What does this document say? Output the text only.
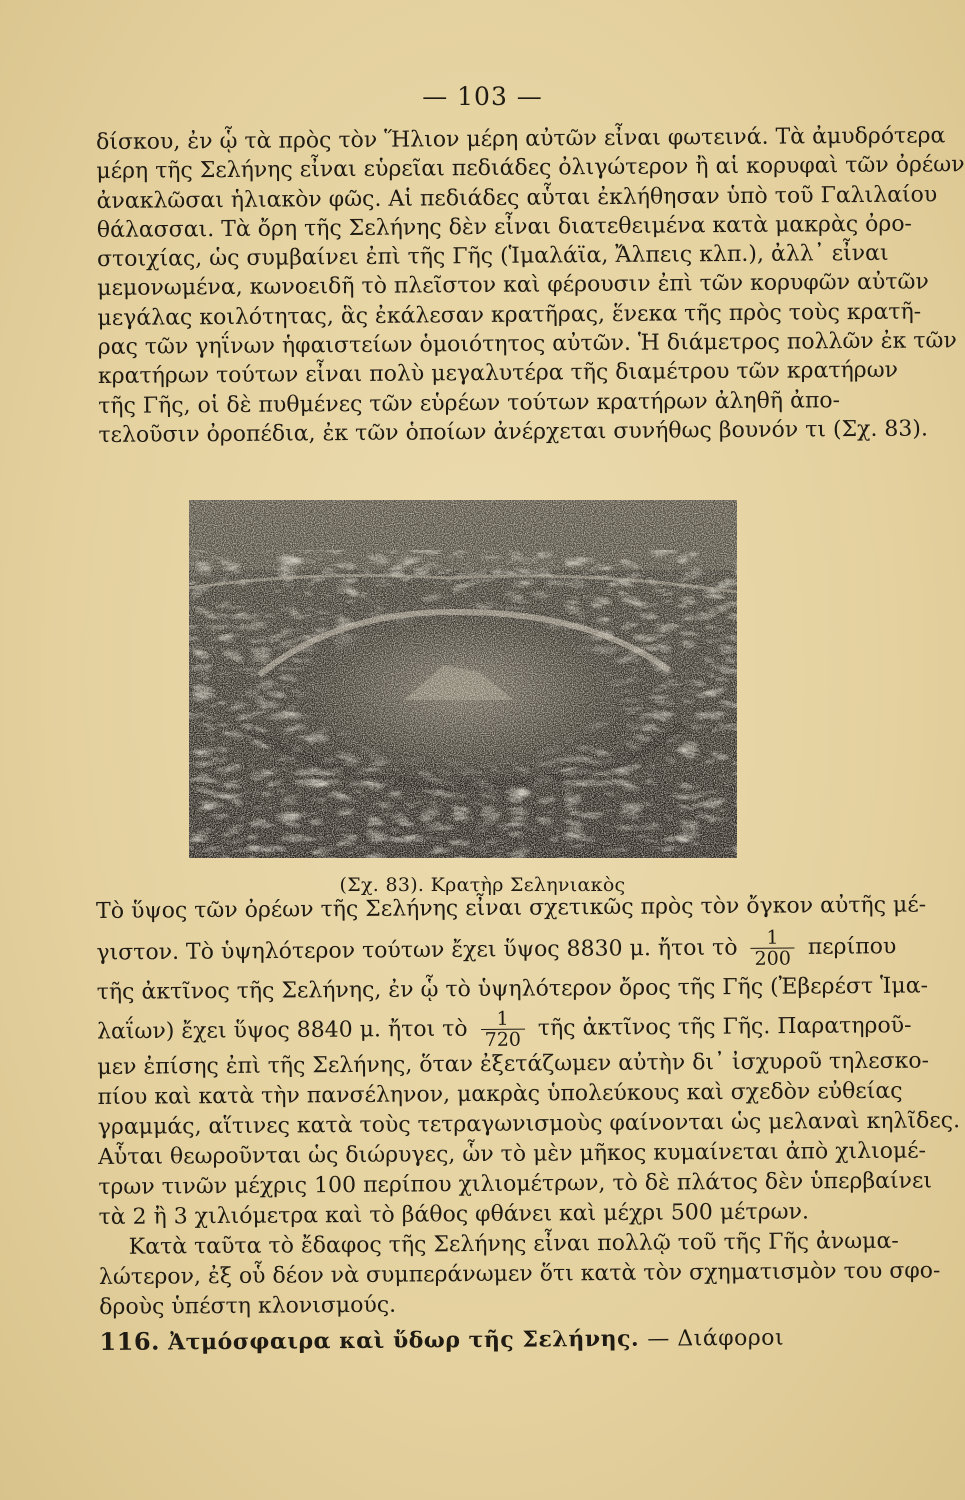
— 103 —
δίσκου, ἐν ᾧ τὰ πρὸς τὸν Ἥλιον μέρη αὐτῶν εἶναι φωτεινά. Τὰ ἀμυδρότερα
μέρη τῆς Σελήνης εἶναι εὑρεῖαι πεδιάδες ὀλιγώτερον ἢ αἱ κορυφαὶ τῶν ὀρέων
ἀνακλῶσαι ἡλιακὸν φῶς. Αἱ πεδιάδες αὗται ἐκλήθησαν ὑπὸ τοῦ Γαλιλαίου
θάλασσαι. Τὰ ὄρη τῆς Σελήνης δὲν εἶναι διατεθειμένα κατὰ μακρὰς ὀρο-
στοιχίας, ὡς συμβαίνει ἐπὶ τῆς Γῆς (Ἱμαλάϊα, Ἄλπεις κλπ.), ἀλλ᾽ εἶναι
μεμονωμένα, κωνοειδῆ τὸ πλεῖστον καὶ φέρουσιν ἐπὶ τῶν κορυφῶν αὐτῶν
μεγάλας κοιλότητας, ἃς ἐκάλεσαν κρατῆρας, ἕνεκα τῆς πρὸς τοὺς κρατῆ-
ρας τῶν γηΐνων ἡφαιστείων ὁμοιότητος αὐτῶν. Ἡ διάμετρος πολλῶν ἐκ τῶν
κρατήρων τούτων εἶναι πολὺ μεγαλυτέρα τῆς διαμέτρου τῶν κρατήρων
τῆς Γῆς, οἱ δὲ πυθμένες τῶν εὑρέων τούτων κρατήρων ἀληθῆ ἀπο-
τελοῦσιν ὀροπέδια, ἐκ τῶν ὁποίων ἀνέρχεται συνήθως βουνόν τι (Σχ. 83).
(Σχ. 83). Κρατὴρ Σεληνιακὸς
Τὸ ὕψος τῶν ὀρέων τῆς Σελήνης εἶναι σχετικῶς πρὸς τὸν ὄγκον αὐτῆς μέ-
γιστον. Τὸ ὑψηλότερον τούτων ἔχει ὕψος 8830 μ. ἤτοι τὸ $\frac{1}{200}$ περίπου
τῆς ἀκτῖνος τῆς Σελήνης, ἐν ᾧ τὸ ὑψηλότερον ὄρος τῆς Γῆς (Ἐβερέστ Ἱμα-
λαΐων) ἔχει ὕψος 8840 μ. ἤτοι τὸ $\frac{1}{720}$ τῆς ἀκτῖνος τῆς Γῆς. Παρατηροῦ-
μεν ἐπίσης ἐπὶ τῆς Σελήνης, ὅταν ἐξετάζωμεν αὐτὴν δι᾽ ἰσχυροῦ τηλεσκο-
πίου καὶ κατὰ τὴν πανσέληνον, μακρὰς ὑπολεύκους καὶ σχεδὸν εὐθείας
γραμμάς, αἵτινες κατὰ τοὺς τετραγωνισμοὺς φαίνονται ὡς μελαναὶ κηλῖδες.
Αὗται θεωροῦνται ὡς διώρυγες, ὧν τὸ μὲν μῆκος κυμαίνεται ἀπὸ χιλιομέ-
τρων τινῶν μέχρις 100 περίπου χιλιομέτρων, τὸ δὲ πλάτος δὲν ὑπερβαίνει
τὰ 2 ἢ 3 χιλιόμετρα καὶ τὸ βάθος φθάνει καὶ μέχρι 500 μέτρων.
Κατὰ ταῦτα τὸ ἔδαφος τῆς Σελήνης εἶναι πολλῷ τοῦ τῆς Γῆς ἀνωμα-
λώτερον, ἐξ οὗ δέον νὰ συμπεράνωμεν ὅτι κατὰ τὸν σχηματισμὸν του σφο-
δροὺς ὑπέστη κλονισμούς.
116. Ἀτμόσφαιρα καὶ ὕδωρ τῆς Σελήνης. — Διάφοροι
